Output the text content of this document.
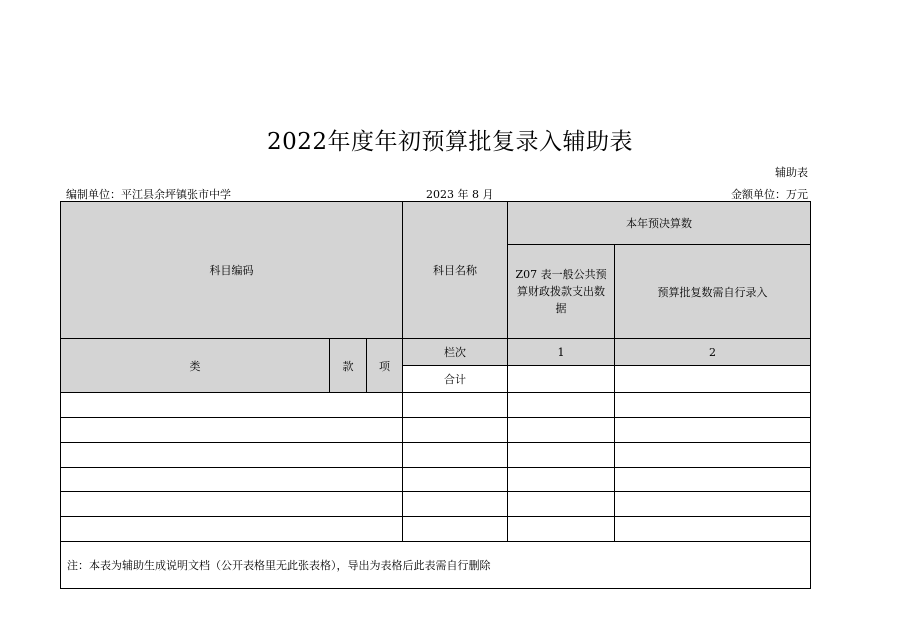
2022年度年初预算批复录入辅助表
辅助表
编制单位：平江县余坪镇张市中学	2023 年 8 月	金额单位：万元
科目编码			科目名称	本年预决算数	
				Z07 表一般公共预算财政拨款支出数据	预算批复数需自行录入
类	款	项	栏次	1	2
			合计		

注：本表为辅助生成说明文档（公开表格里无此张表格），导出为表格后此表需自行删除					
